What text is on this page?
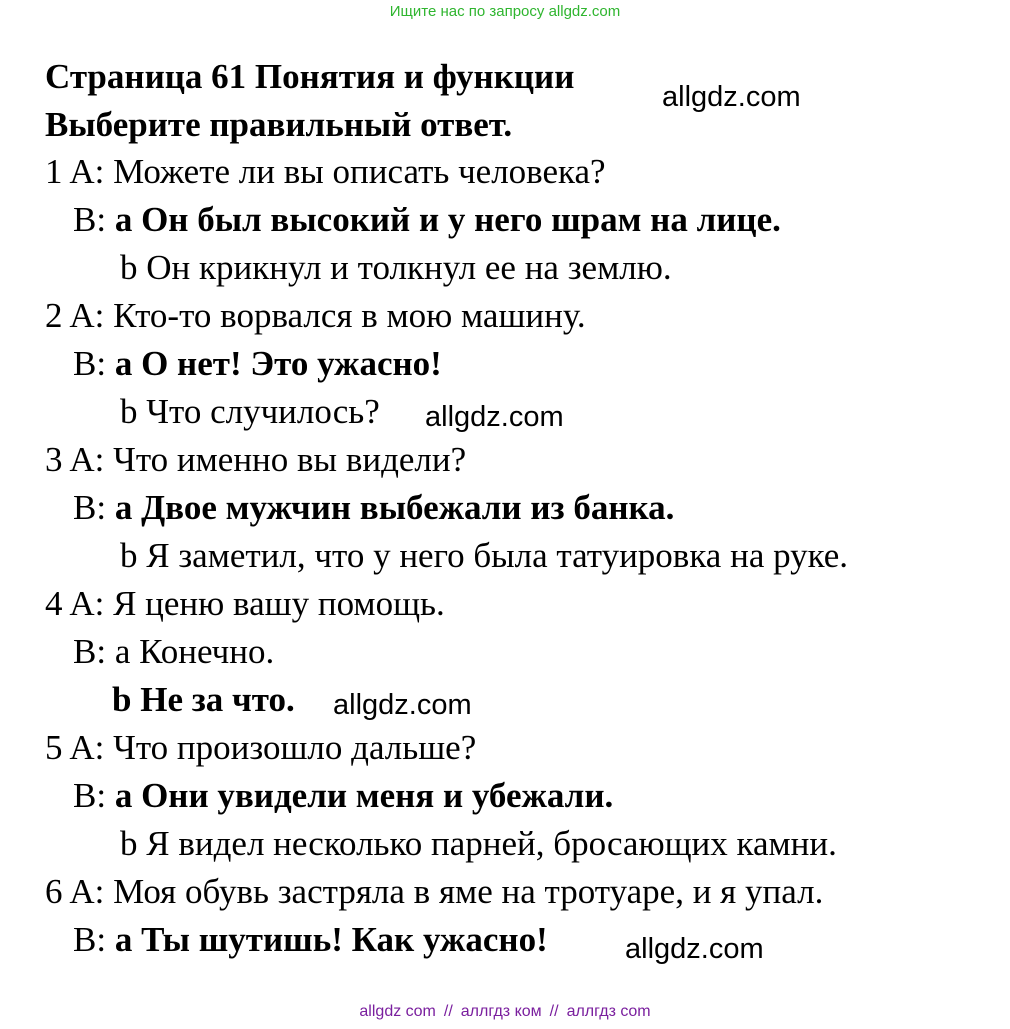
Ищите нас по запросу allgdz.com
Страница 61 Понятия и функции
allgdz.com
Выберите правильный ответ.
1 A: Можете ли вы описать человека?
B: a Он был высокий и у него шрам на лице.
b Он крикнул и толкнул ее на землю.
2 A: Кто-то ворвался в мою машину.
B: a О нет! Это ужасно!
b Что случилось? allgdz.com
3 A: Что именно вы видели?
B: a Двое мужчин выбежали из банка.
b Я заметил, что у него была татуировка на руке.
4 A: Я ценю вашу помощь.
B: a Конечно.
b Не за что. allgdz.com
5 A: Что произошло дальше?
B: a Они увидели меня и убежали.
b Я видел несколько парней, бросающих камни.
6 A: Моя обувь застряла в яме на тротуаре, и я упал.
B: a Ты шутишь! Как ужасно!	allgdz.com
allgdz com // аллгдз ком // аллгдз com
